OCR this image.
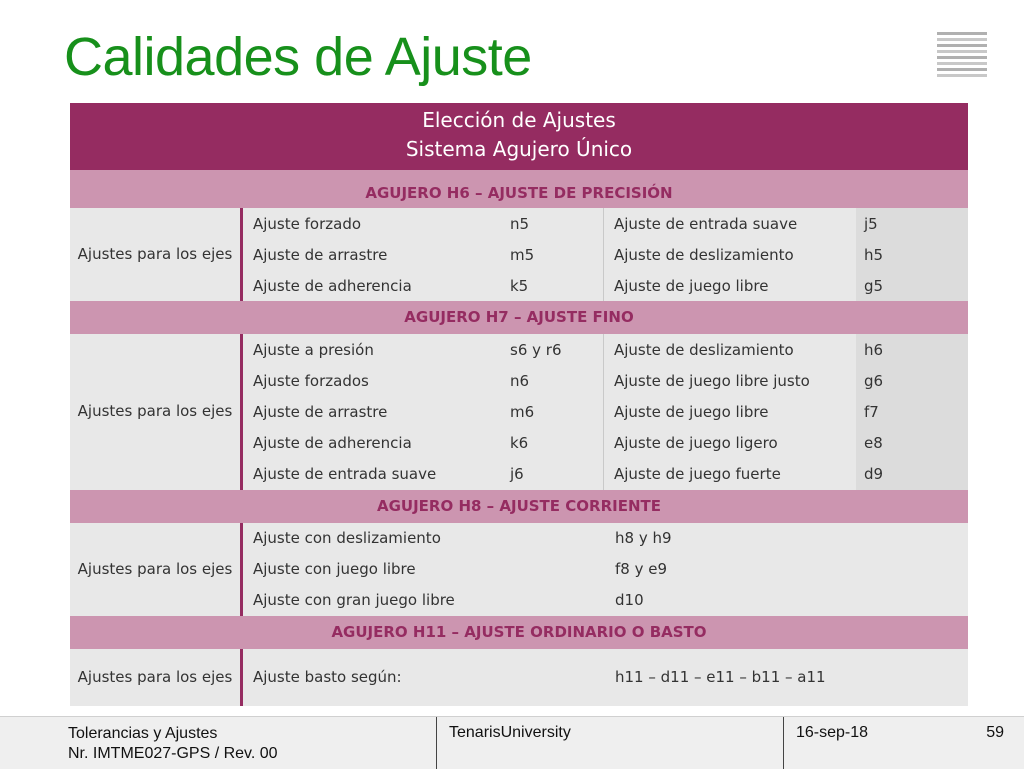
Calidades de Ajuste
Elección de Ajustes
Sistema Agujero Único
AGUJERO H6 – AJUSTE DE PRECISIÓN
Ajustes para los ejes
Ajuste forzado	n5	Ajuste de entrada suave	j5
Ajuste de arrastre	m5	Ajuste de deslizamiento	h5
Ajuste de adherencia	k5	Ajuste de juego libre	g5
AGUJERO H7 – AJUSTE FINO
Ajustes para los ejes
Ajuste a presión	s6 y r6	Ajuste de deslizamiento	h6
Ajuste forzados	n6	Ajuste de juego libre justo	g6
Ajuste de arrastre	m6	Ajuste de juego libre	f7
Ajuste de adherencia	k6	Ajuste de juego ligero	e8
Ajuste de entrada suave	j6	Ajuste de juego fuerte	d9
AGUJERO H8 – AJUSTE CORRIENTE
Ajustes para los ejes
Ajuste con deslizamiento	h8 y h9
Ajuste con juego libre	f8 y e9
Ajuste con gran juego libre	d10
AGUJERO H11 – AJUSTE ORDINARIO O BASTO
Ajustes para los ejes	Ajuste basto según:	h11 – d11 – e11 – b11 – a11
Tolerancias y Ajustes
Nr. IMTME027-GPS / Rev. 00
TenarisUniversity	16-sep-18	59
